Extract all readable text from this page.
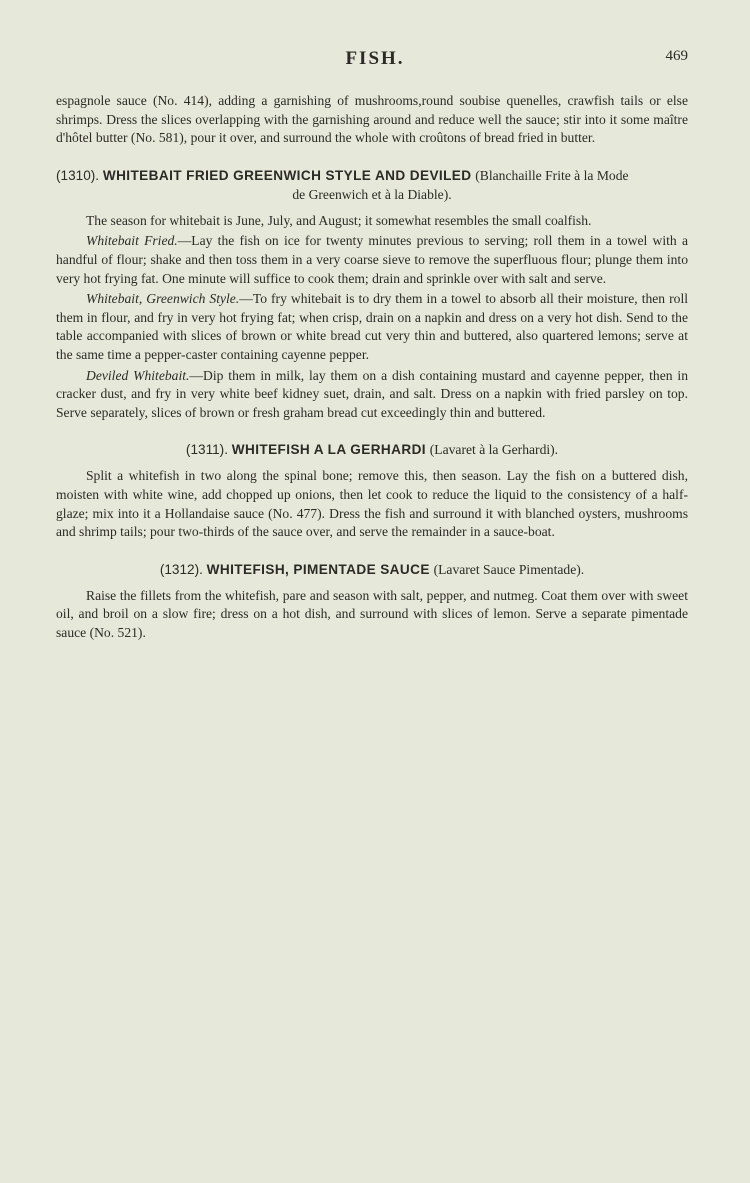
FISH.	469

espagnole sauce (No. 414), adding a garnishing of mushrooms,round soubise quenelles, crawfish tails or else shrimps. Dress the slices overlapping with the garnishing around and reduce well the sauce; stir into it some maître d'hôtel butter (No. 581), pour it over, and surround the whole with croûtons of bread fried in butter.

(1310). WHITEBAIT FRIED GREENWICH STYLE AND DEVILED (Blanchaille Frite à la Mode
de Greenwich et à la Diable).

The season for whitebait is June, July, and August; it somewhat resembles the small coalfish.

Whitebait Fried.—Lay the fish on ice for twenty minutes previous to serving; roll them in a towel with a handful of flour; shake and then toss them in a very coarse sieve to remove the superfluous flour; plunge them into very hot frying fat. One minute will suffice to cook them; drain and sprinkle over with salt and serve.

Whitebait, Greenwich Style.—To fry whitebait is to dry them in a towel to absorb all their moisture, then roll them in flour, and fry in very hot frying fat; when crisp, drain on a napkin and dress on a very hot dish. Send to the table accompanied with slices of brown or white bread cut very thin and buttered, also quartered lemons; serve at the same time a pepper-caster containing cayenne pepper.

Deviled Whitebait.—Dip them in milk, lay them on a dish containing mustard and cayenne pepper, then in cracker dust, and fry in very white beef kidney suet, drain, and salt. Dress on a napkin with fried parsley on top. Serve separately, slices of brown or fresh graham bread cut exceedingly thin and buttered.

(1311). WHITEFISH A LA GERHARDI (Lavaret à la Gerhardi).

Split a whitefish in two along the spinal bone; remove this, then season. Lay the fish on a buttered dish, moisten with white wine, add chopped up onions, then let cook to reduce the liquid to the consistency of a half-glaze; mix into it a Hollandaise sauce (No. 477). Dress the fish and surround it with blanched oysters, mushrooms and shrimp tails; pour two-thirds of the sauce over, and serve the remainder in a sauce-boat.

(1312). WHITEFISH, PIMENTADE SAUCE (Lavaret Sauce Pimentade).

Raise the fillets from the whitefish, pare and season with salt, pepper, and nutmeg. Coat them over with sweet oil, and broil on a slow fire; dress on a hot dish, and surround with slices of lemon. Serve a separate pimentade sauce (No. 521).
